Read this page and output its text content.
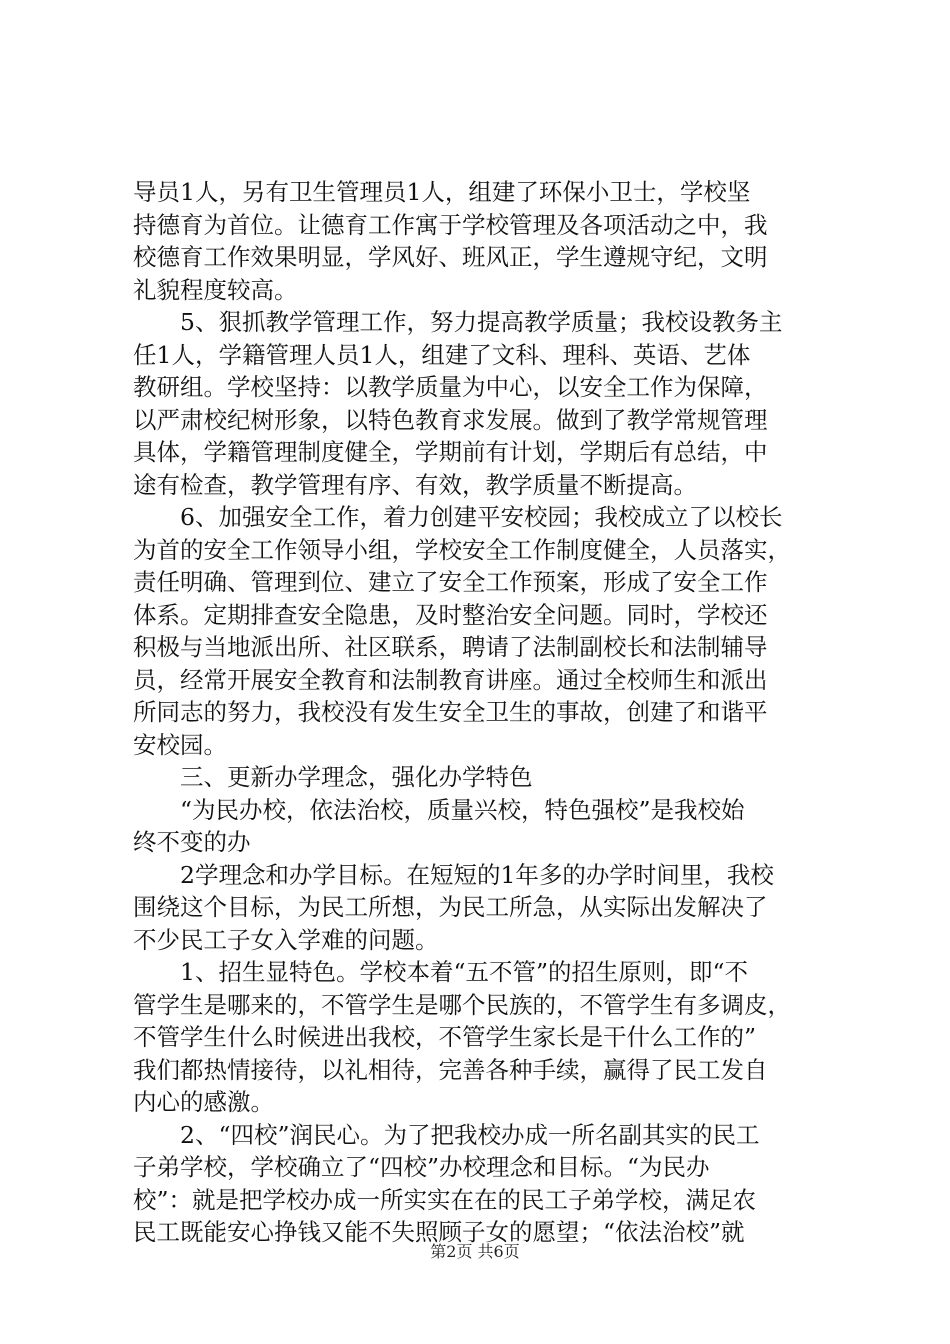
导员1人，另有卫生管理员1人，组建了环保小卫士，学校坚
持德育为首位。让德育工作寓于学校管理及各项活动之中，我
校德育工作效果明显，学风好、班风正，学生遵规守纪，文明
礼貌程度较高。
5、狠抓教学管理工作，努力提高教学质量；我校设教务主
任1人，学籍管理人员1人，组建了文科、理科、英语、艺体
教研组。学校坚持：以教学质量为中心，以安全工作为保障，
以严肃校纪树形象，以特色教育求发展。做到了教学常规管理
具体，学籍管理制度健全，学期前有计划，学期后有总结，中
途有检查，教学管理有序、有效，教学质量不断提高。
6、加强安全工作，着力创建平安校园；我校成立了以校长
为首的安全工作领导小组，学校安全工作制度健全，人员落实，
责任明确、管理到位、建立了安全工作预案，形成了安全工作
体系。定期排查安全隐患，及时整治安全问题。同时，学校还
积极与当地派出所、社区联系，聘请了法制副校长和法制辅导
员，经常开展安全教育和法制教育讲座。通过全校师生和派出
所同志的努力，我校没有发生安全卫生的事故，创建了和谐平
安校园。
三、更新办学理念，强化办学特色
“为民办校，依法治校，质量兴校，特色强校”是我校始
终不变的办
2学理念和办学目标。在短短的1年多的办学时间里，我校
围绕这个目标，为民工所想，为民工所急，从实际出发解决了
不少民工子女入学难的问题。
1、招生显特色。学校本着“五不管”的招生原则，即“不
管学生是哪来的，不管学生是哪个民族的，不管学生有多调皮，
不管学生什么时候进出我校，不管学生家长是干什么工作的”
我们都热情接待，以礼相待，完善各种手续，赢得了民工发自
内心的感激。
2、“四校”润民心。为了把我校办成一所名副其实的民工
子弟学校，学校确立了“四校”办校理念和目标。“为民办
校”：就是把学校办成一所实实在在的民工子弟学校，满足农
民工既能安心挣钱又能不失照顾子女的愿望；“依法治校”就
第2页 共6页
